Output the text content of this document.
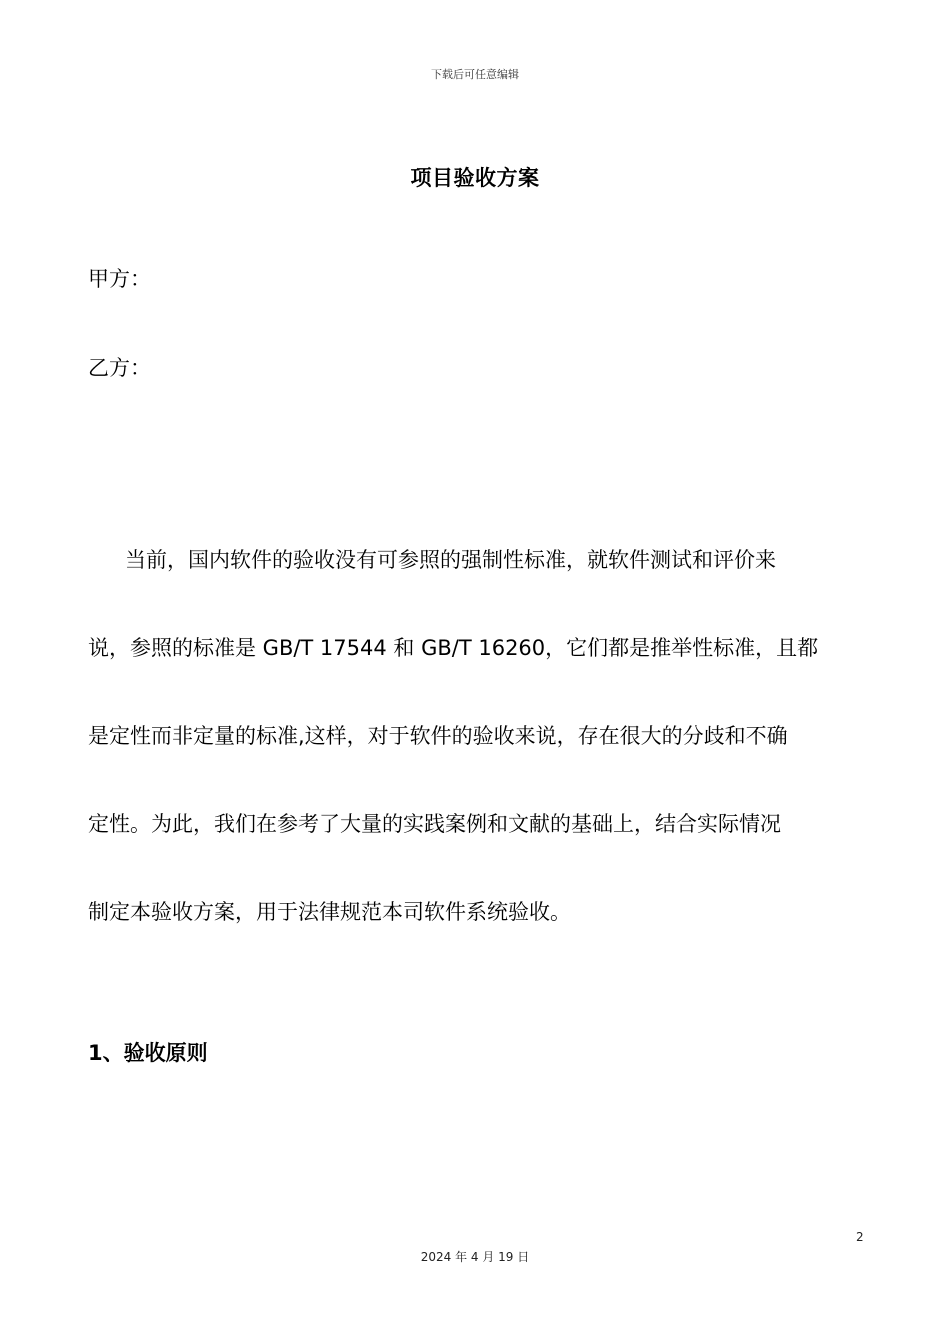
下载后可任意编辑
项目验收方案
甲方：
乙方：
当前，国内软件的验收没有可参照的强制性标准，就软件测试和评价来
说，参照的标准是 GB/T 17544 和 GB/T 16260，它们都是推举性标准，且都
是定性而非定量的标准,这样，对于软件的验收来说，存在很大的分歧和不确
定性。为此，我们在参考了大量的实践案例和文献的基础上，结合实际情况
制定本验收方案，用于法律规范本司软件系统验收。
1、验收原则
2
2024 年 4 月 19 日
